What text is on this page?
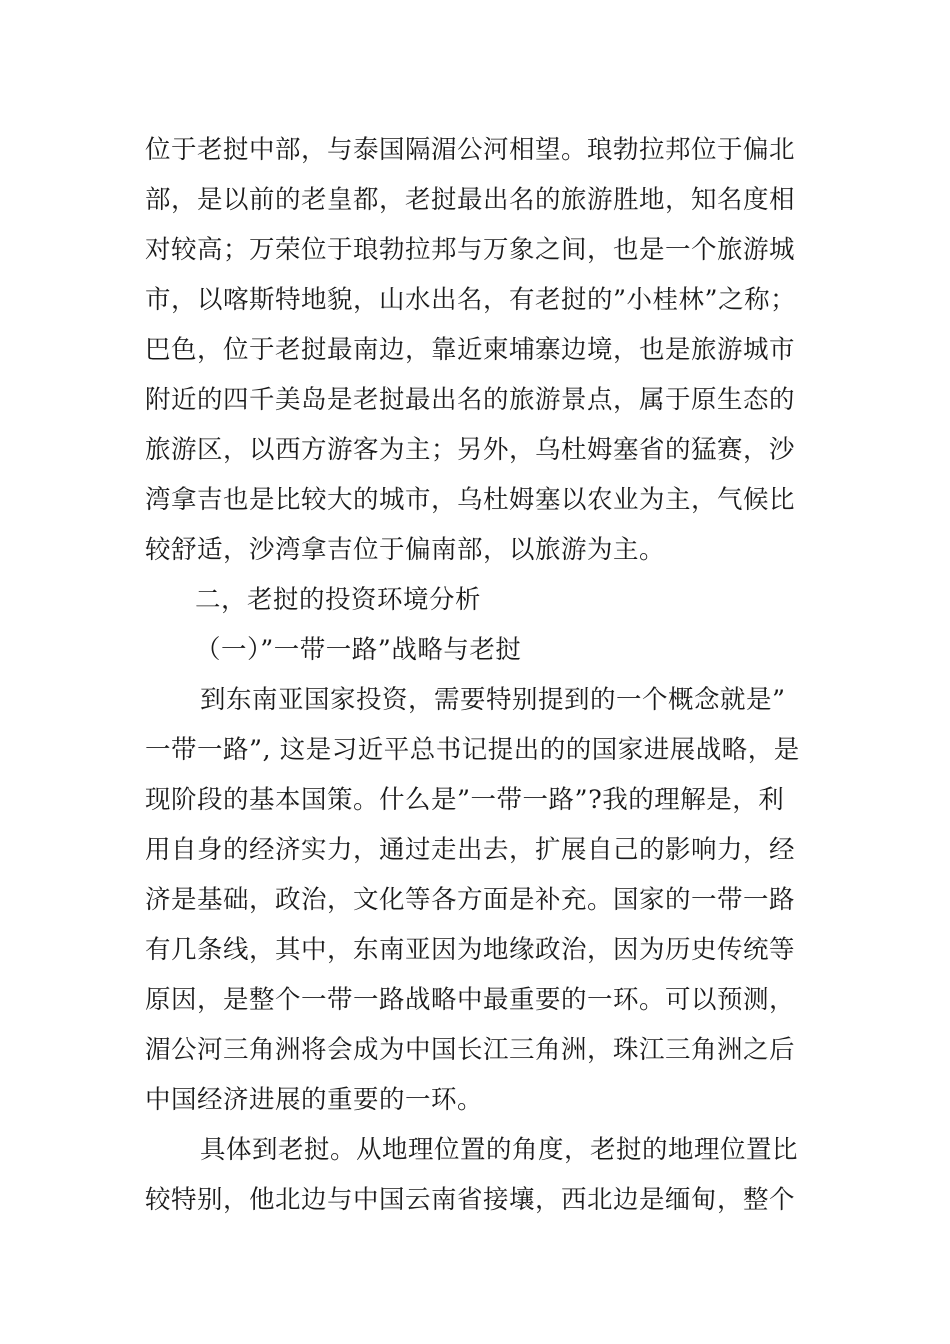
位于老挝中部，与泰国隔湄公河相望。琅勃拉邦位于偏北
部，是以前的老皇都，老挝最出名的旅游胜地，知名度相
对较高；万荣位于琅勃拉邦与万象之间，也是一个旅游城
市，以喀斯特地貌，山水出名，有老挝的”小桂林”之称；
巴色，位于老挝最南边，靠近柬埔寨边境，也是旅游城市
附近的四千美岛是老挝最出名的旅游景点，属于原生态的
旅游区，以西方游客为主；另外，乌杜姆塞省的猛赛，沙
湾拿吉也是比较大的城市，乌杜姆塞以农业为主，气候比
较舒适，沙湾拿吉位于偏南部，以旅游为主。
二，老挝的投资环境分析
（一）”一带一路”战略与老挝
到东南亚国家投资，需要特别提到的一个概念就是”
一带一路”, 这是习近平总书记提出的的国家进展战略，是
现阶段的基本国策。什么是”一带一路”?我的理解是，利
用自身的经济实力，通过走出去，扩展自己的影响力，经
济是基础，政治，文化等各方面是补充。国家的一带一路
有几条线，其中，东南亚因为地缘政治，因为历史传统等
原因，是整个一带一路战略中最重要的一环。可以预测，
湄公河三角洲将会成为中国长江三角洲，珠江三角洲之后
中国经济进展的重要的一环。
具体到老挝。从地理位置的角度，老挝的地理位置比
较特别，他北边与中国云南省接壤，西北边是缅甸，整个
